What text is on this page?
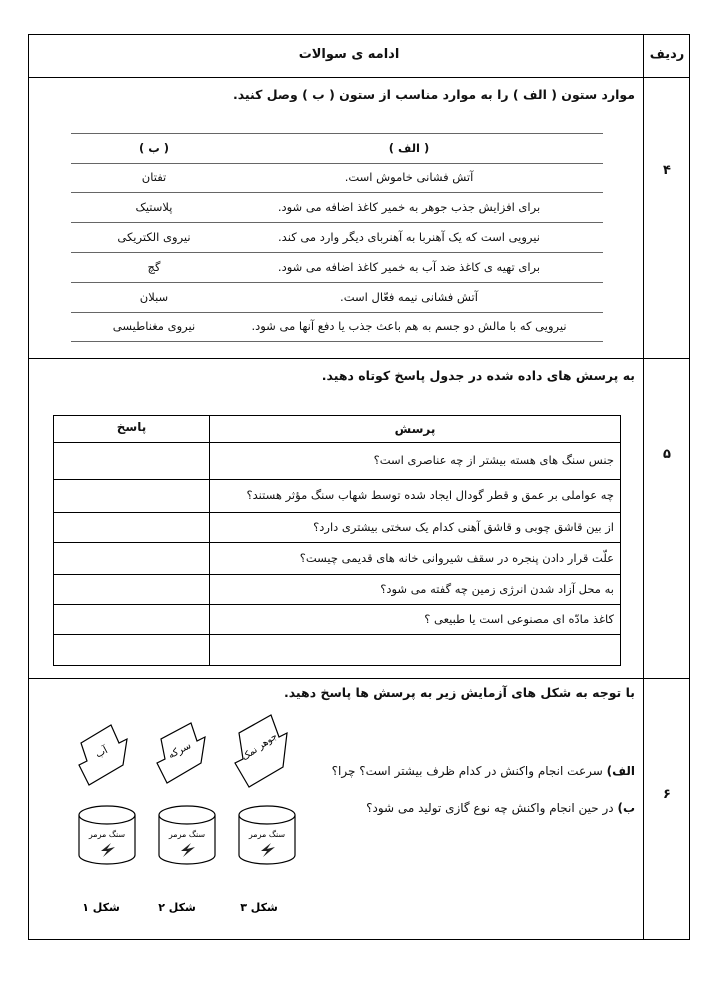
ادامه ی سوالات	ردیف
۴
موارد ستون ( الف ) را به موارد مناسب از ستون ( ب ) وصل کنید.
( الف )
( ب )
آتش فشانی خاموش است.
برای افزایش جذب جوهر به خمیر کاغذ اضافه می شود.
نیرویی است که یک آهنربا به آهنربای دیگر وارد می کند.
برای تهیه ی کاغذ ضد آب به خمیر کاغذ اضافه می شود.
آتش فشانی نیمه فعّال است.
نیرویی که با مالش دو جسم به هم باعث جذب یا دفع آنها می شود.
تفتان
پلاستیک
نیروی الکتریکی
گچ
سبلان
نیروی مغناطیسی
۵
به پرسش های داده شده در جدول پاسخ کوتاه دهید.
پرسش
پاسخ
جنس سنگ های هسته بیشتر از چه عناصری است؟
چه عواملی بر عمق و قطر گودال ایجاد شده توسط شهاب سنگ مؤثر هستند؟
از بین قاشق چوبی و قاشق آهنی کدام یک سختی بیشتری دارد؟
علّت قرار دادن پنجره در سقف شیروانی خانه های قدیمی چیست؟
به محل آزاد شدن انرژی زمین چه گفته می شود؟
کاغذ مادّه ای مصنوعی است یا طبیعی ؟
۶
با توجه به شکل های آزمایش زیر به پرسش ها پاسخ دهید.
الف) سرعت انجام واکنش در کدام ظرف بیشتر است؟ چرا؟
ب) در حین انجام واکنش چه نوع گازی تولید می شود؟
آب
سنگ مرمر
شکل ۱
سرکه
سنگ مرمر
شکل ۲
جوهر نمک
سنگ مرمر
شکل ۳
